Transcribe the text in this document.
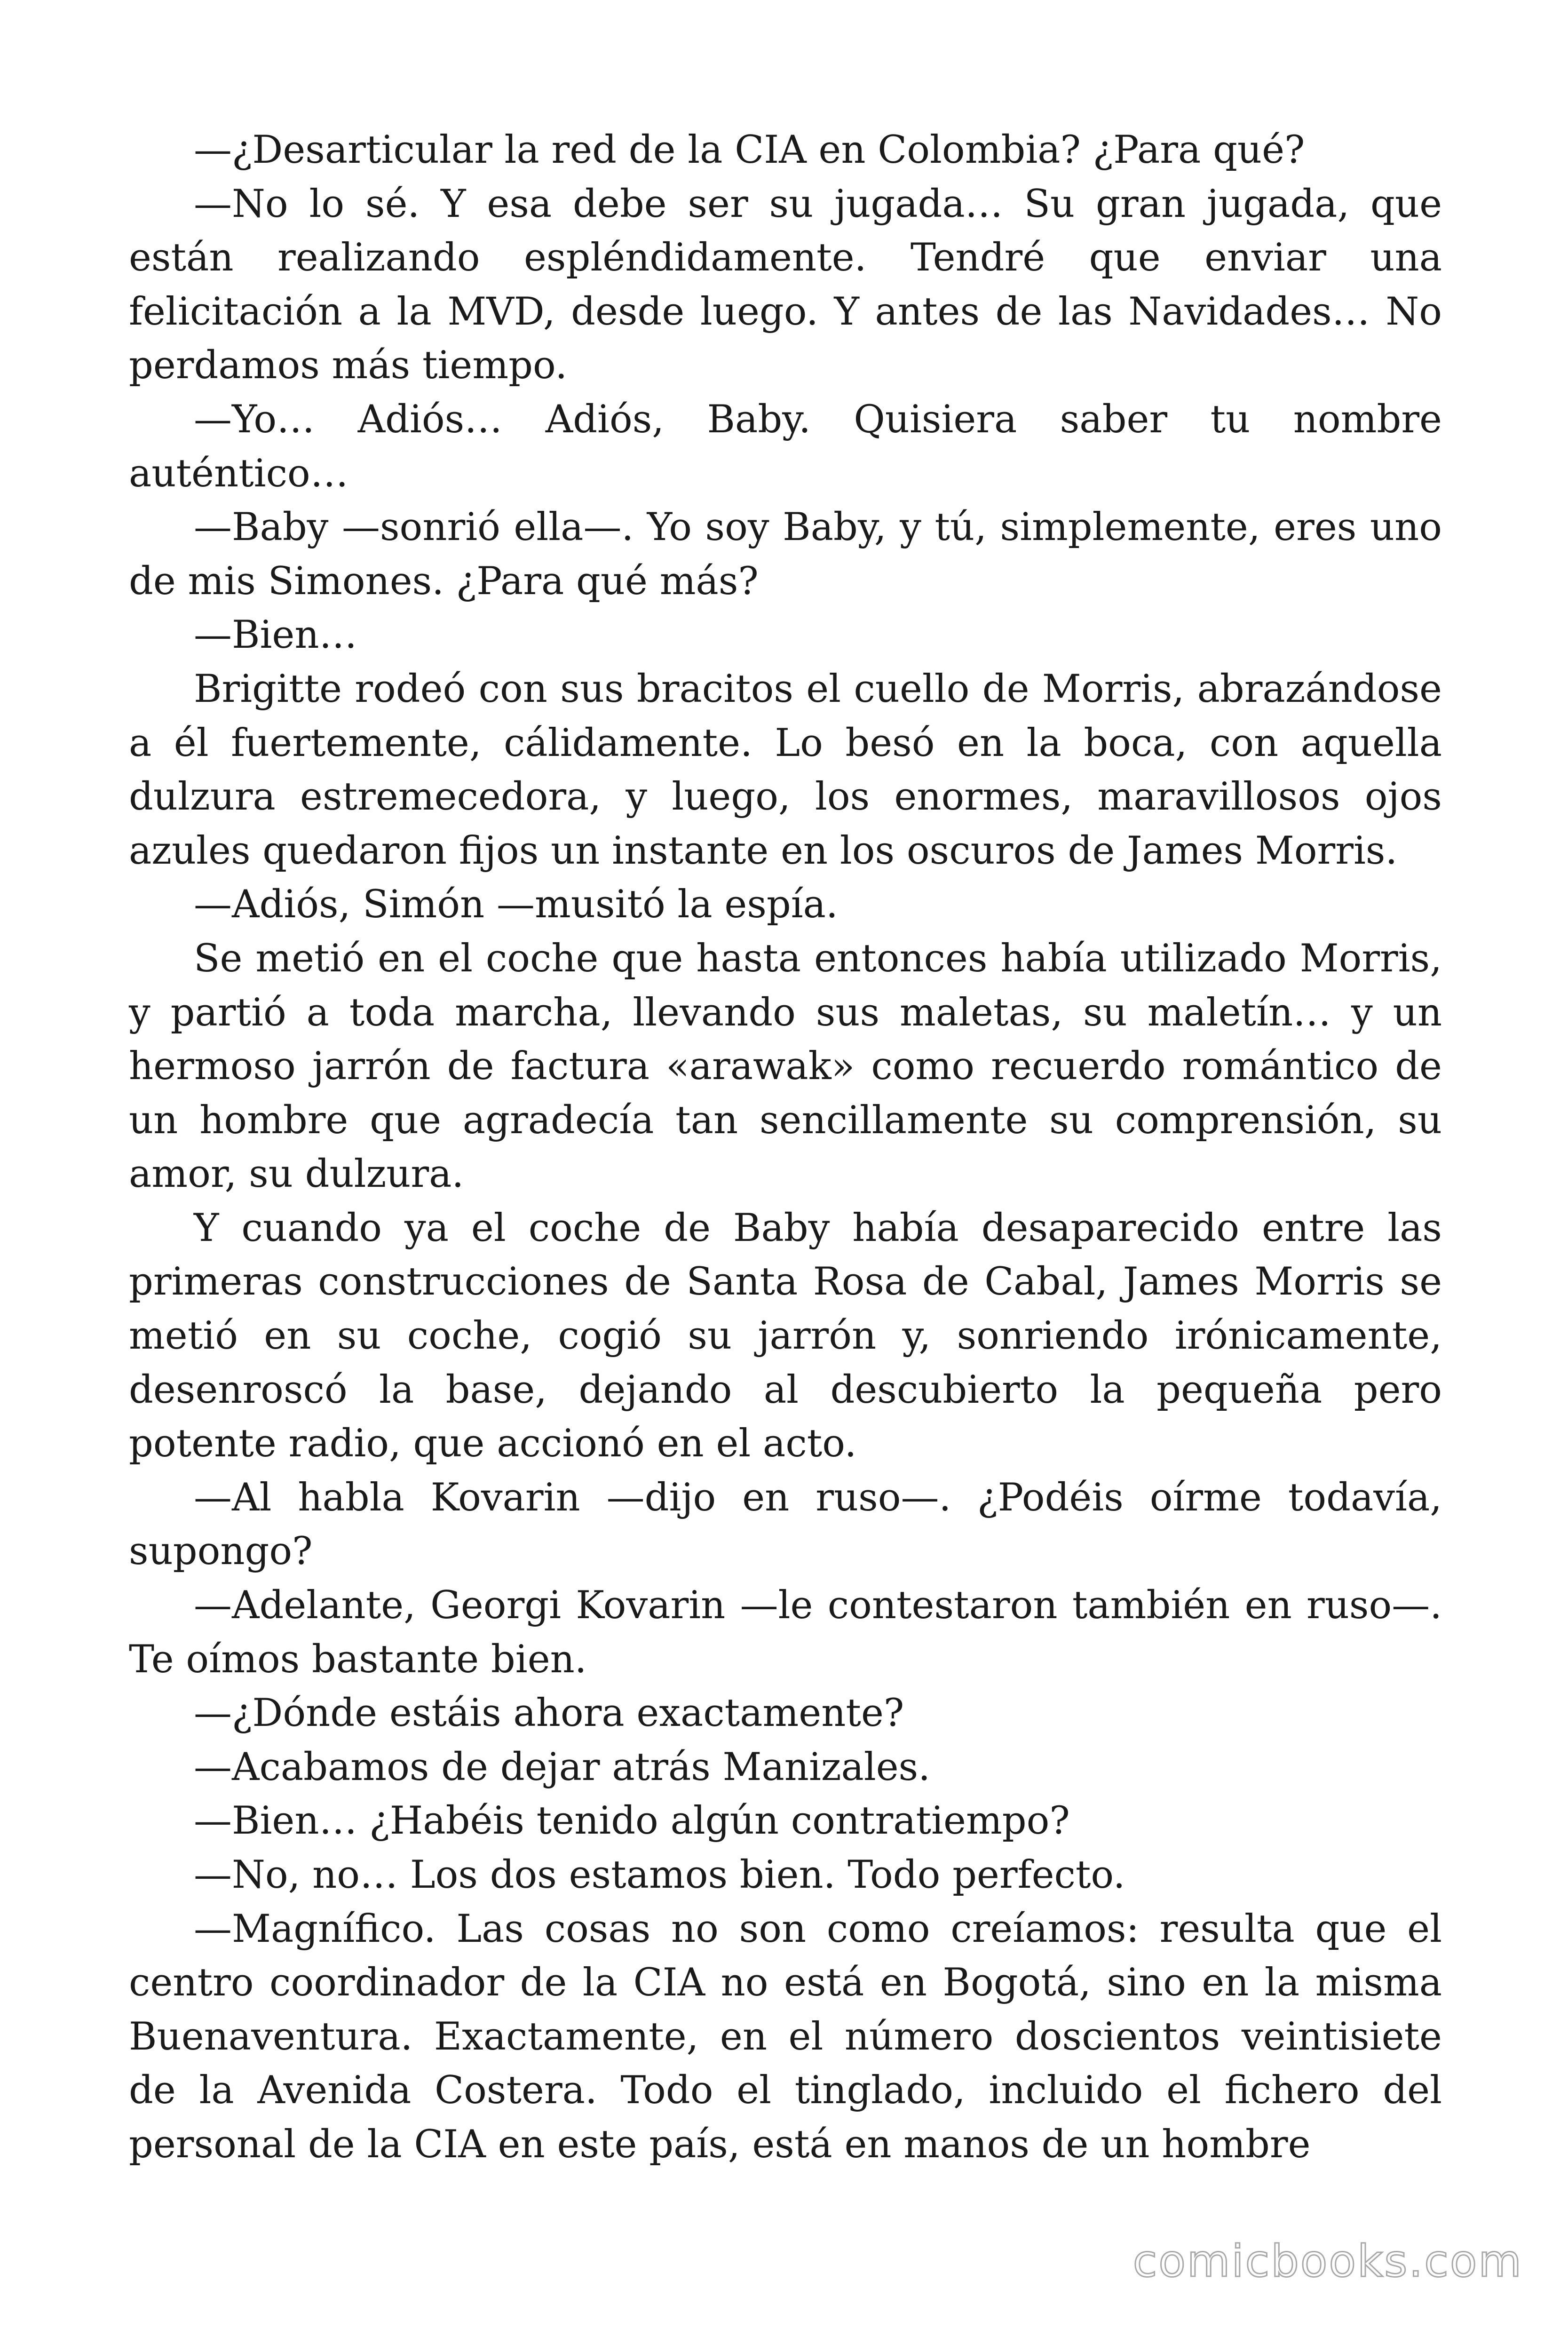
—¿Desarticular la red de la CIA en Colombia? ¿Para qué?

—No lo sé. Y esa debe ser su jugada… Su gran jugada, que están realizando espléndidamente. Tendré que enviar una felicitación a la MVD, desde luego. Y antes de las Navidades… No perdamos más tiempo.

—Yo… Adiós… Adiós, Baby. Quisiera saber tu nombre auténtico…

—Baby —sonrió ella—. Yo soy Baby, y tú, simplemente, eres uno de mis Simones. ¿Para qué más?

—Bien…

Brigitte rodeó con sus bracitos el cuello de Morris, abrazándose a él fuertemente, cálidamente. Lo besó en la boca, con aquella dulzura estremecedora, y luego, los enormes, maravillosos ojos azules quedaron fijos un instante en los oscuros de James Morris.

—Adiós, Simón —musitó la espía.

Se metió en el coche que hasta entonces había utilizado Morris, y partió a toda marcha, llevando sus maletas, su maletín… y un hermoso jarrón de factura «arawak» como recuerdo romántico de un hombre que agradecía tan sencillamente su comprensión, su amor, su dulzura.

Y cuando ya el coche de Baby había desaparecido entre las primeras construcciones de Santa Rosa de Cabal, James Morris se metió en su coche, cogió su jarrón y, sonriendo irónicamente, desenroscó la base, dejando al descubierto la pequeña pero potente radio, que accionó en el acto.

—Al habla Kovarin —dijo en ruso—. ¿Podéis oírme todavía, supongo?

—Adelante, Georgi Kovarin —le contestaron también en ruso—. Te oímos bastante bien.

—¿Dónde estáis ahora exactamente?

—Acabamos de dejar atrás Manizales.

—Bien… ¿Habéis tenido algún contratiempo?

—No, no… Los dos estamos bien. Todo perfecto.

—Magnífico. Las cosas no son como creíamos: resulta que el centro coordinador de la CIA no está en Bogotá, sino en la misma Buenaventura. Exactamente, en el número doscientos veintisiete de la Avenida Costera. Todo el tinglado, incluido el fichero del personal de la CIA en este país, está en manos de un hombre

comicbooks.com
